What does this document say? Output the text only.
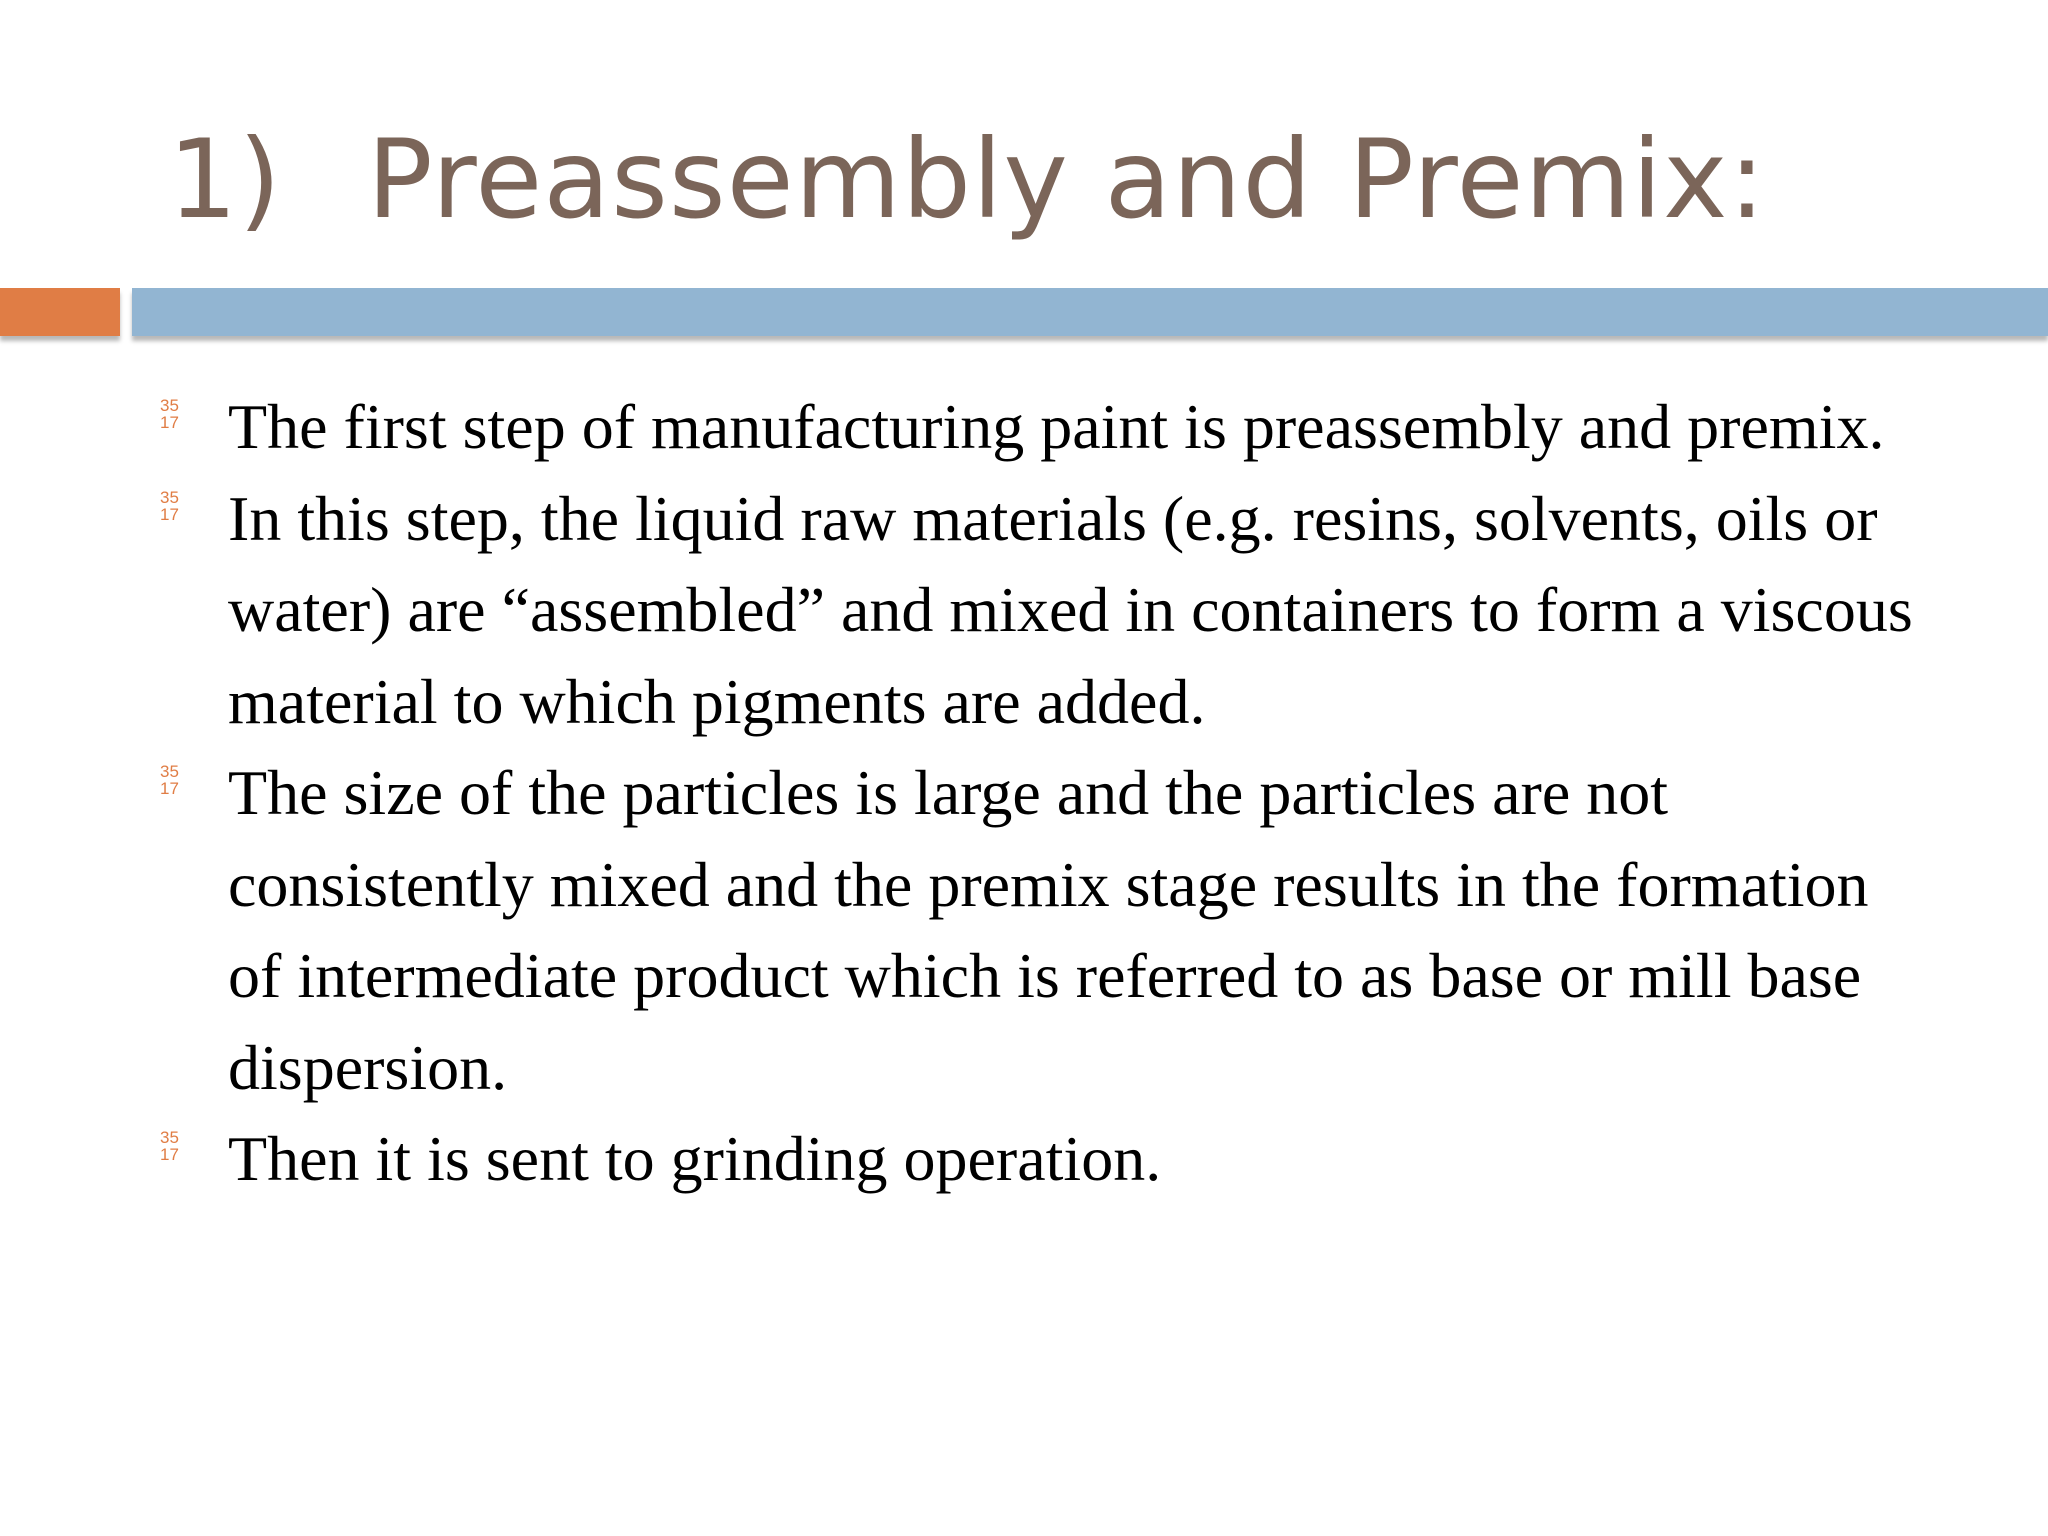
1) Preassembly and Premix:
35
17 The first step of manufacturing paint is preassembly and premix.
35
17 In this step, the liquid raw materials (e.g. resins, solvents, oils or water) are “assembled” and mixed in containers to form a viscous material to which pigments are added.
35
17 The size of the particles is large and the particles are not consistently mixed and the premix stage results in the formation of intermediate product which is referred to as base or mill base dispersion.
35
17 Then it is sent to grinding operation.
